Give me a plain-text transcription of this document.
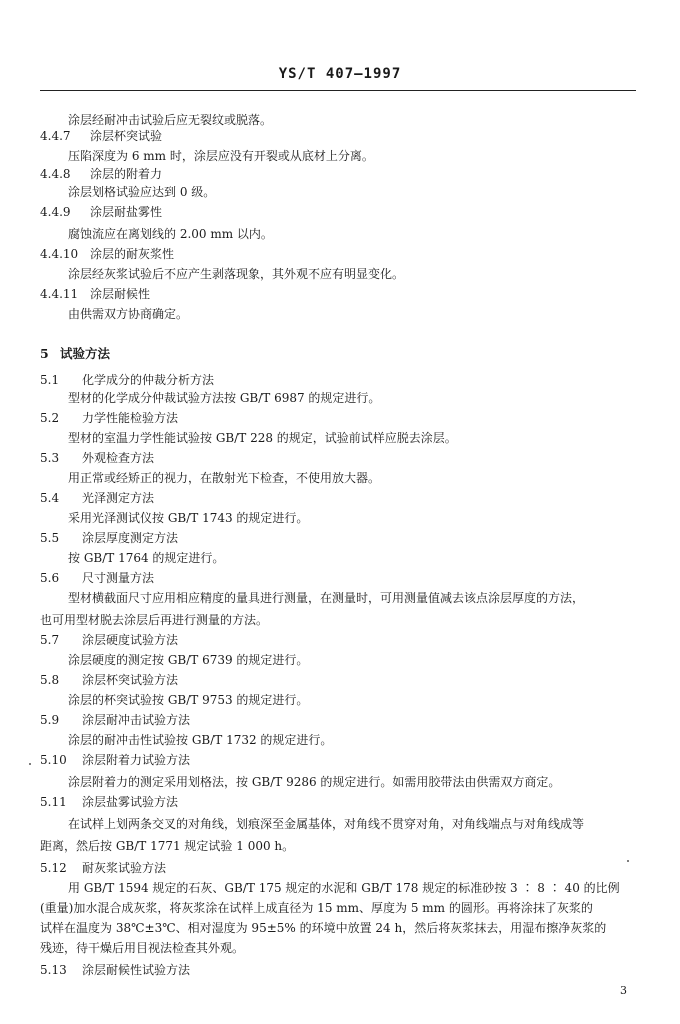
YS/T 407—1997
涂层经耐冲击试验后应无裂纹或脱落。
4.4.7 涂层杯突试验
压陷深度为 6 mm 时，涂层应没有开裂或从底材上分离。
4.4.8 涂层的附着力
涂层划格试验应达到 0 级。
4.4.9 涂层耐盐雾性
腐蚀流应在离划线的 2.00 mm 以内。
4.4.10 涂层的耐灰浆性
涂层经灰浆试验后不应产生剥落现象，其外观不应有明显变化。
4.4.11 涂层耐候性
由供需双方协商确定。
5 试验方法
5.1 化学成分的仲裁分析方法
型材的化学成分仲裁试验方法按 GB/T 6987 的规定进行。
5.2 力学性能检验方法
型材的室温力学性能试验按 GB/T 228 的规定，试验前试样应脱去涂层。
5.3 外观检查方法
用正常或经矫正的视力，在散射光下检查，不使用放大器。
5.4 光泽测定方法
采用光泽测试仪按 GB/T 1743 的规定进行。
5.5 涂层厚度测定方法
按 GB/T 1764 的规定进行。
5.6 尺寸测量方法
型材横截面尺寸应用相应精度的量具进行测量，在测量时，可用测量值减去该点涂层厚度的方法，
也可用型材脱去涂层后再进行测量的方法。
5.7 涂层硬度试验方法
涂层硬度的测定按 GB/T 6739 的规定进行。
5.8 涂层杯突试验方法
涂层的杯突试验按 GB/T 9753 的规定进行。
5.9 涂层耐冲击试验方法
涂层的耐冲击性试验按 GB/T 1732 的规定进行。
5.10 涂层附着力试验方法
涂层附着力的测定采用划格法，按 GB/T 9286 的规定进行。如需用胶带法由供需双方商定。
5.11 涂层盐雾试验方法
在试样上划两条交叉的对角线，划痕深至金属基体，对角线不贯穿对角，对角线端点与对角线成等
距离，然后按 GB/T 1771 规定试验 1 000 h。
5.12 耐灰浆试验方法
用 GB/T 1594 规定的石灰、GB/T 175 规定的水泥和 GB/T 178 规定的标准砂按 3 ∶ 8 ∶ 40 的比例
(重量)加水混合成灰浆，将灰浆涂在试样上成直径为 15 mm、厚度为 5 mm 的圆形。再将涂抹了灰浆的
试样在温度为 38℃±3℃、相对湿度为 95±5% 的环境中放置 24 h，然后将灰浆抹去，用湿布擦净灰浆的
残迹，待干燥后用目视法检查其外观。
5.13 涂层耐候性试验方法
3
